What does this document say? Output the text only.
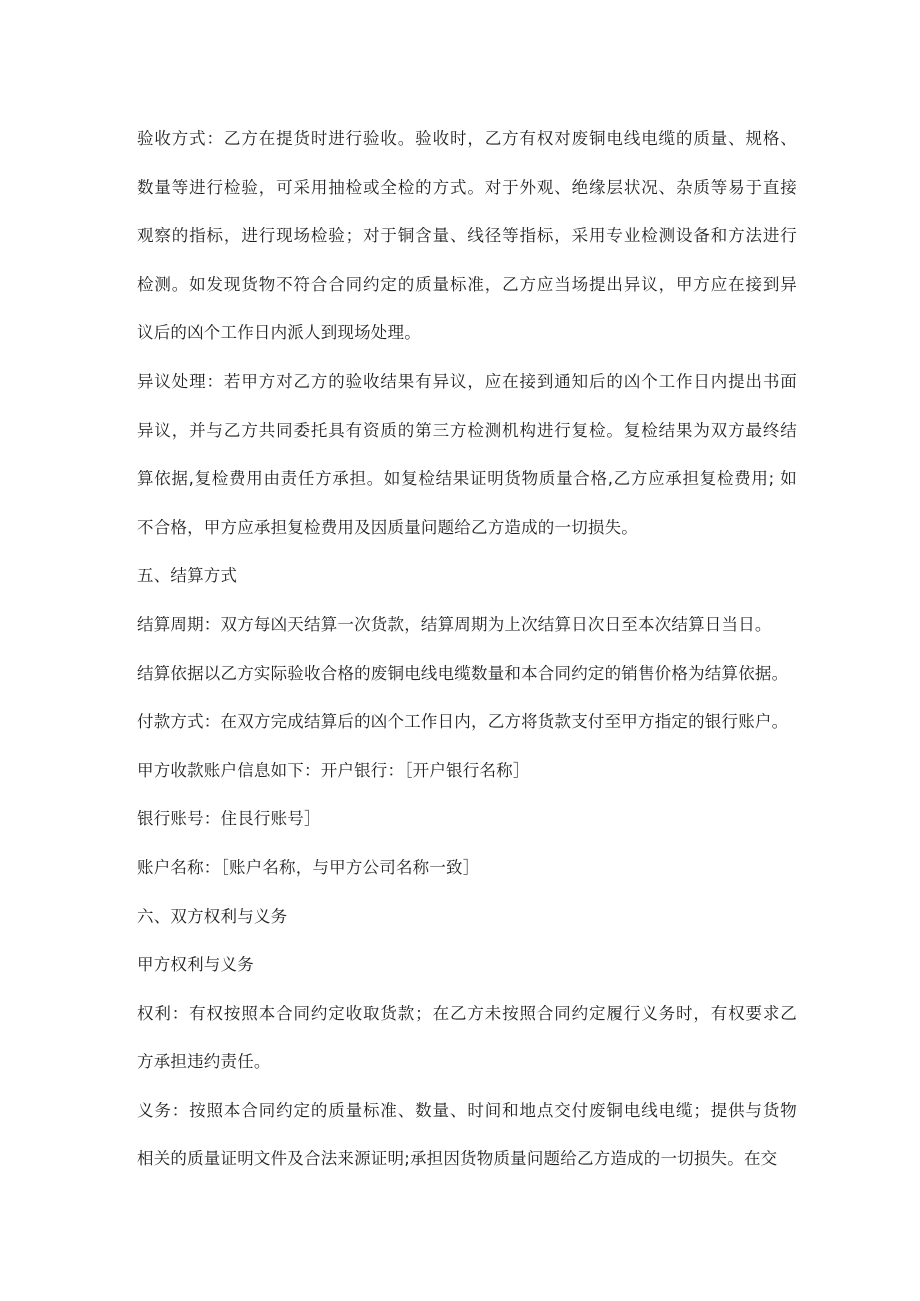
验收方式：乙方在提货时进行验收。验收时，乙方有权对废铜电线电缆的质量、规格、
数量等进行检验，可采用抽检或全检的方式。对于外观、绝缘层状况、杂质等易于直接
观察的指标，进行现场检验；对于铜含量、线径等指标，采用专业检测设备和方法进行
检测。如发现货物不符合合同约定的质量标准，乙方应当场提出异议，甲方应在接到异
议后的凶个工作日内派人到现场处理。
异议处理：若甲方对乙方的验收结果有异议，应在接到通知后的凶个工作日内提出书面
异议，并与乙方共同委托具有资质的第三方检测机构进行复检。复检结果为双方最终结
算依据,复检费用由责任方承担。如复检结果证明货物质量合格,乙方应承担复检费用; 如
不合格，甲方应承担复检费用及因质量问题给乙方造成的一切损失。
五、结算方式
结算周期：双方每凶天结算一次货款，结算周期为上次结算日次日至本次结算日当日。
结算依据以乙方实际验收合格的废铜电线电缆数量和本合同约定的销售价格为结算依据。
付款方式：在双方完成结算后的凶个工作日内，乙方将货款支付至甲方指定的银行账户。
甲方收款账户信息如下：开户银行：［开户银行名称］
银行账号：住艮行账号］
账户名称：［账户名称，与甲方公司名称一致］
六、双方权利与义务
甲方权利与义务
权利：有权按照本合同约定收取货款；在乙方未按照合同约定履行义务时，有权要求乙
方承担违约责任。
义务：按照本合同约定的质量标准、数量、时间和地点交付废铜电线电缆；提供与货物
相关的质量证明文件及合法来源证明;承担因货物质量问题给乙方造成的一切损失。在交
